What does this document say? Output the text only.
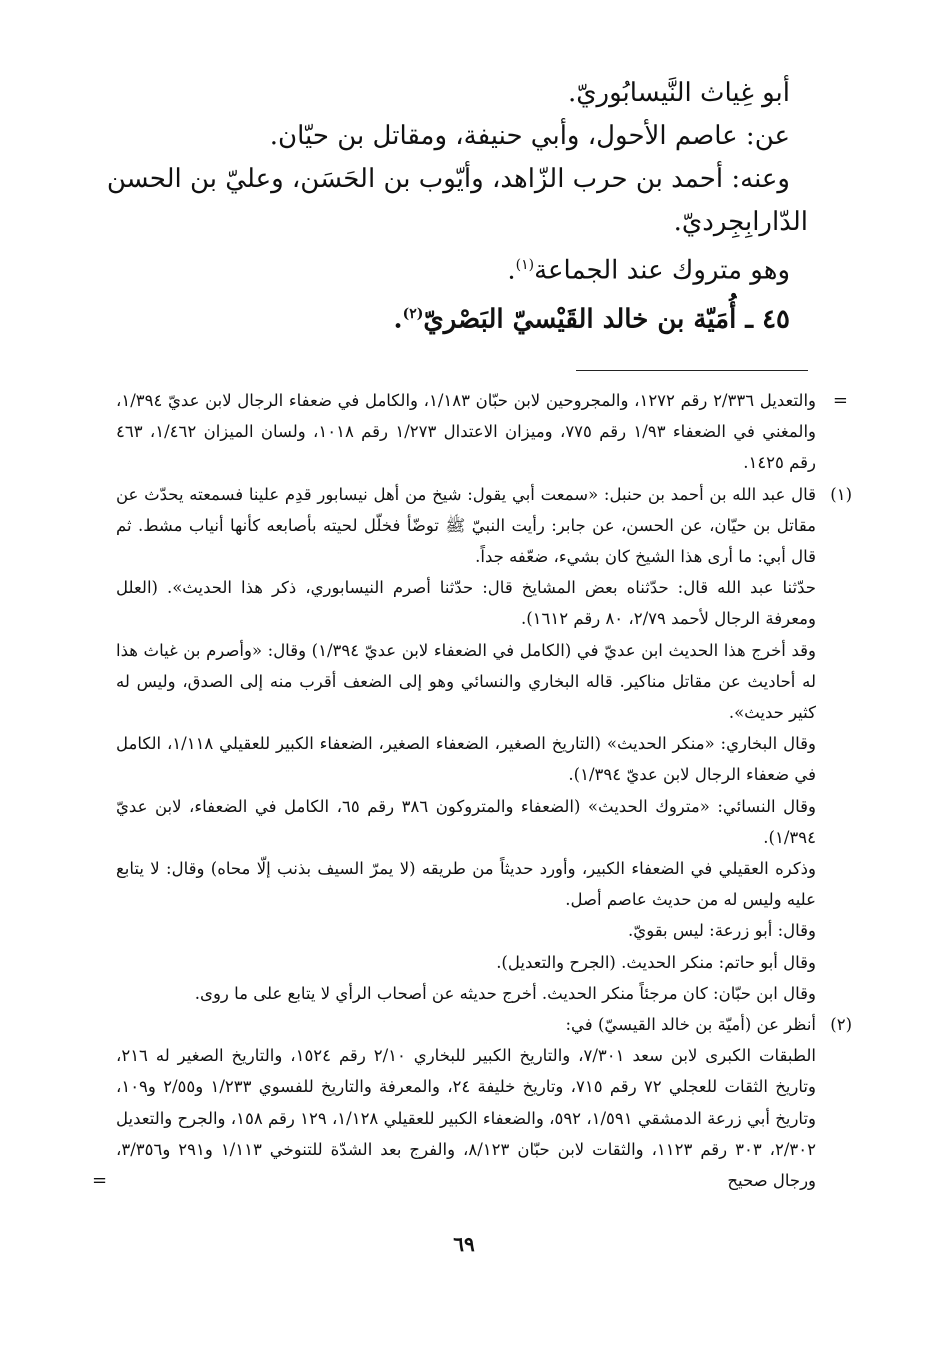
أبو غِياث النَّيسابُوريّ.

عن: عاصم الأحول، وأبي حنيفة، ومقاتل بن حيّان.

وعنه: أحمد بن حرب الزّاهد، وأيّوب بن الحَسَن، وعليّ بن الحسن

الدّارابِجِرديّ.

وهو متروك عند الجماعة$^{(١)}$.

٤٥ ـ أُمَيّة بن خالد القَيْسيّ البَصْريّ$^{(٢)}$.

=
والتعديل ٢/٣٣٦ رقم ١٢٧٢، والمجروحين لابن حبّان ١/١٨٣، والكامل في ضعفاء الرجال لابن عديّ ١/٣٩٤، والمغني في الضعفاء ١/٩٣ رقم ٧٧٥، وميزان الاعتدال ١/٢٧٣ رقم ١٠١٨، ولسان الميزان ١/٤٦٢، ٤٦٣ رقم ١٤٢٥.

(١)
قال عبد الله بن أحمد بن حنبل: «سمعت أبي يقول: شيخ من أهل نيسابور قدِم علينا فسمعته يحدّث عن مقاتل بن حيّان، عن الحسن، عن جابر: رأيت النبيّ ﷺ توضّأ فخلّل لحيته بأصابعه كأنها أنياب مشط. ثم قال أبي: ما أرى هذا الشيخ كان بشيء، ضعّفه جداً.

حدّثنا عبد الله قال: حدّثناه بعض المشايخ قال: حدّثنا أصرم النيسابوري، ذكر هذا الحديث». (العلل ومعرفة الرجال لأحمد ٢/٧٩، ٨٠ رقم ١٦١٢).

وقد أخرج هذا الحديث ابن عديّ في (الكامل في الضعفاء لابن عديّ ١/٣٩٤) وقال: «وأصرم بن غياث هذا له أحاديث عن مقاتل مناكير. قاله البخاري والنسائي وهو إلى الضعف أقرب منه إلى الصدق، وليس له كثير حديث».

وقال البخاري: «منكر الحديث» (التاريخ الصغير، الضعفاء الصغير، الضعفاء الكبير للعقيلي ١/١١٨، الكامل في ضعفاء الرجال لابن عديّ ١/٣٩٤).

وقال النسائي: «متروك الحديث» (الضعفاء والمتروكون ٣٨٦ رقم ٦٥، الكامل في الضعفاء، لابن عديّ ١/٣٩٤).

وذكره العقيلي في الضعفاء الكبير، وأورد حديثاً من طريقه (لا يمرّ السيف بذنب إلّا محاه) وقال: لا يتابع عليه وليس له من حديث عاصم أصل.

وقال: أبو زرعة: ليس بقويّ.

وقال أبو حاتم: منكر الحديث. (الجرح والتعديل).

وقال ابن حبّان: كان مرجئاً منكر الحديث. أخرج حديثه عن أصحاب الرأي لا يتابع على ما روى.

(٢)
أنظر عن (أميّة بن خالد القيسيّ) في:

الطبقات الكبرى لابن سعد ٧/٣٠١، والتاريخ الكبير للبخاري ٢/١٠ رقم ١٥٢٤، والتاريخ الصغير له ٢١٦، وتاريخ الثقات للعجلي ٧٢ رقم ٧١٥، وتاريخ خليفة ٢٤، والمعرفة والتاريخ للفسوي ١/٢٣٣ و٢/٥٥ و١٠٩، وتاريخ أبي زرعة الدمشقي ١/٥٩١، ٥٩٢، والضعفاء الكبير للعقيلي ١/١٢٨، ١٢٩ رقم ١٥٨، والجرح والتعديل ٢/٣٠٢، ٣٠٣ رقم ١١٢٣، والثقات لابن حبّان ٨/١٢٣، والفرج بعد الشدّة للتنوخي ١/١١٣ و٢٩١ و٣/٣٥٦، ورجال صحيح
=

٦٩
